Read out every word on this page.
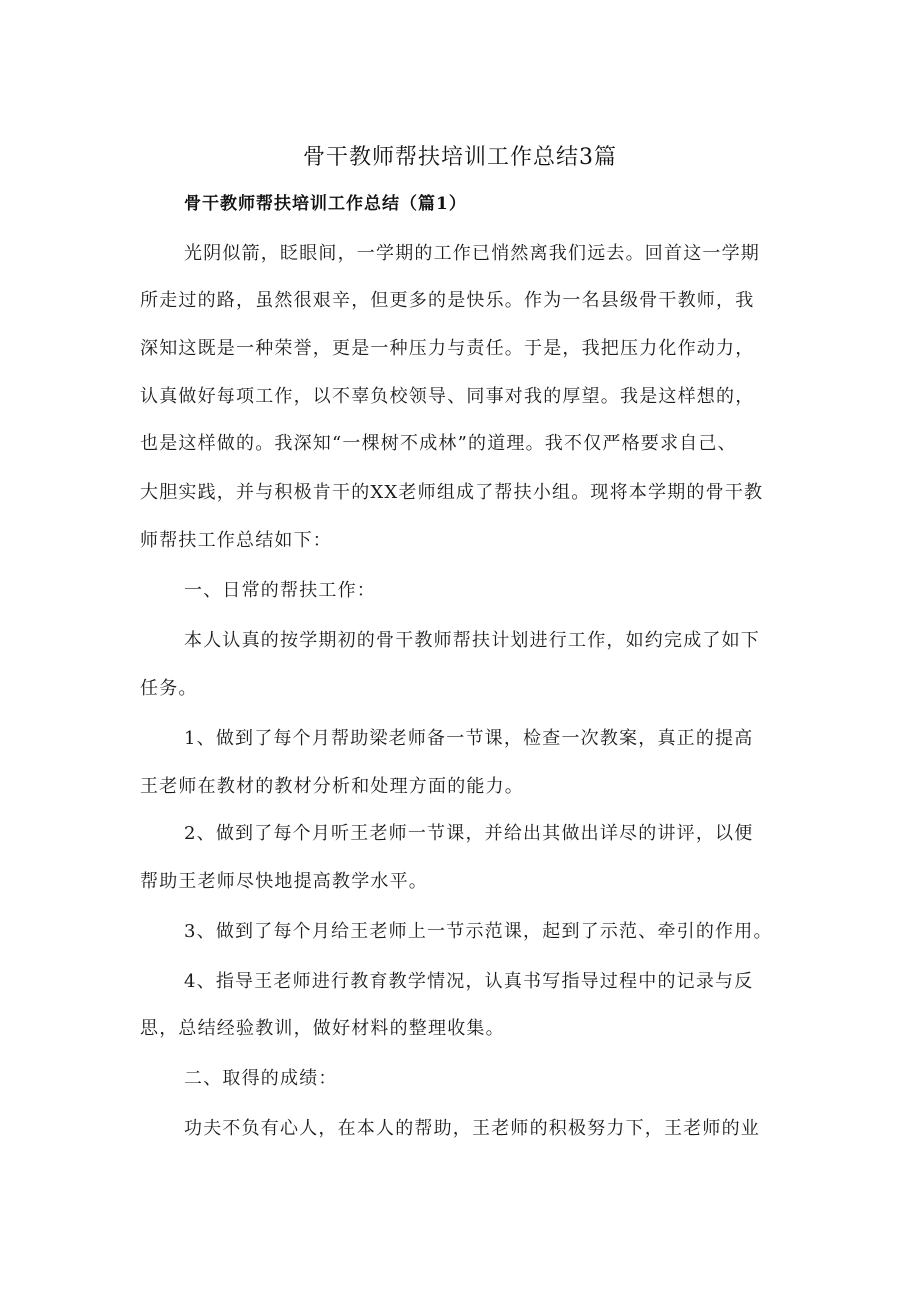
骨干教师帮扶培训工作总结3篇
骨干教师帮扶培训工作总结（篇1）
光阴似箭，眨眼间，一学期的工作已悄然离我们远去。回首这一学期
所走过的路，虽然很艰辛，但更多的是快乐。作为一名县级骨干教师，我
深知这既是一种荣誉，更是一种压力与责任。于是，我把压力化作动力，
认真做好每项工作，以不辜负校领导、同事对我的厚望。我是这样想的，
也是这样做的。我深知“一棵树不成林”的道理。我不仅严格要求自己、
大胆实践，并与积极肯干的XX老师组成了帮扶小组。现将本学期的骨干教
师帮扶工作总结如下：
一、日常的帮扶工作：
本人认真的按学期初的骨干教师帮扶计划进行工作，如约完成了如下
任务。
1、做到了每个月帮助梁老师备一节课，检查一次教案，真正的提高
王老师在教材的教材分析和处理方面的能力。
2、做到了每个月听王老师一节课，并给出其做出详尽的讲评，以便
帮助王老师尽快地提高教学水平。
3、做到了每个月给王老师上一节示范课，起到了示范、牵引的作用。
4、指导王老师进行教育教学情况，认真书写指导过程中的记录与反
思，总结经验教训，做好材料的整理收集。
二、取得的成绩：
功夫不负有心人，在本人的帮助，王老师的积极努力下，王老师的业
